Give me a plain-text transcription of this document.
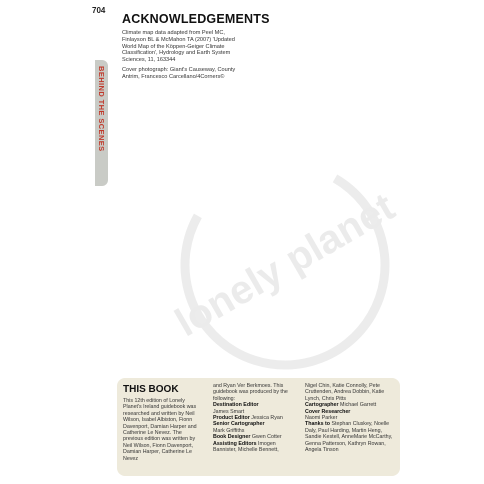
704
BEHIND THE SCENES
ACKNOWLEDGEMENTS

Climate map data adapted from Peel MC, Finlayson BL & McMahon TA (2007) 'Updated World Map of the Köppen-Geiger Climate Classification', Hydrology and Earth System Sciences, 11, 163344

Cover photograph: Giant's Causeway, County Antrim, Francesco Carcellano/4Corners©

lonely planet
THIS BOOK

This 12th edition of Lonely Planet's Ireland guidebook was researched and written by Neil Wilson, Isabel Albiston, Fionn Davenport, Damian Harper and Catherine Le Nevez. The previous edition was written by Neil Wilson, Fionn Davenport, Damian Harper, Catherine Le Nevez

and Ryan Ver Berkmoes. This guidebook was produced by the following:

Destination Editor

James Smart

Product Editor Jessica Ryan

Senior Cartographer

Mark Griffiths

Book Designer Gwen Cotter

Assisting Editors Imogen Bannister, Michelle Bennett,

Nigel Chin, Katie Connolly, Pete Cruttenden, Andrea Dobbin, Katie Lynch, Chris Pitts

Cartographer Michael Garrett

Cover Researcher

Naomi Parker

Thanks to Stephan Cluskey, Noelle Daly, Paul Harding, Martin Heng, Sandie Kestell, AnneMarie McCarthy, Genna Patterson, Kathryn Rowan, Angela Tinson
